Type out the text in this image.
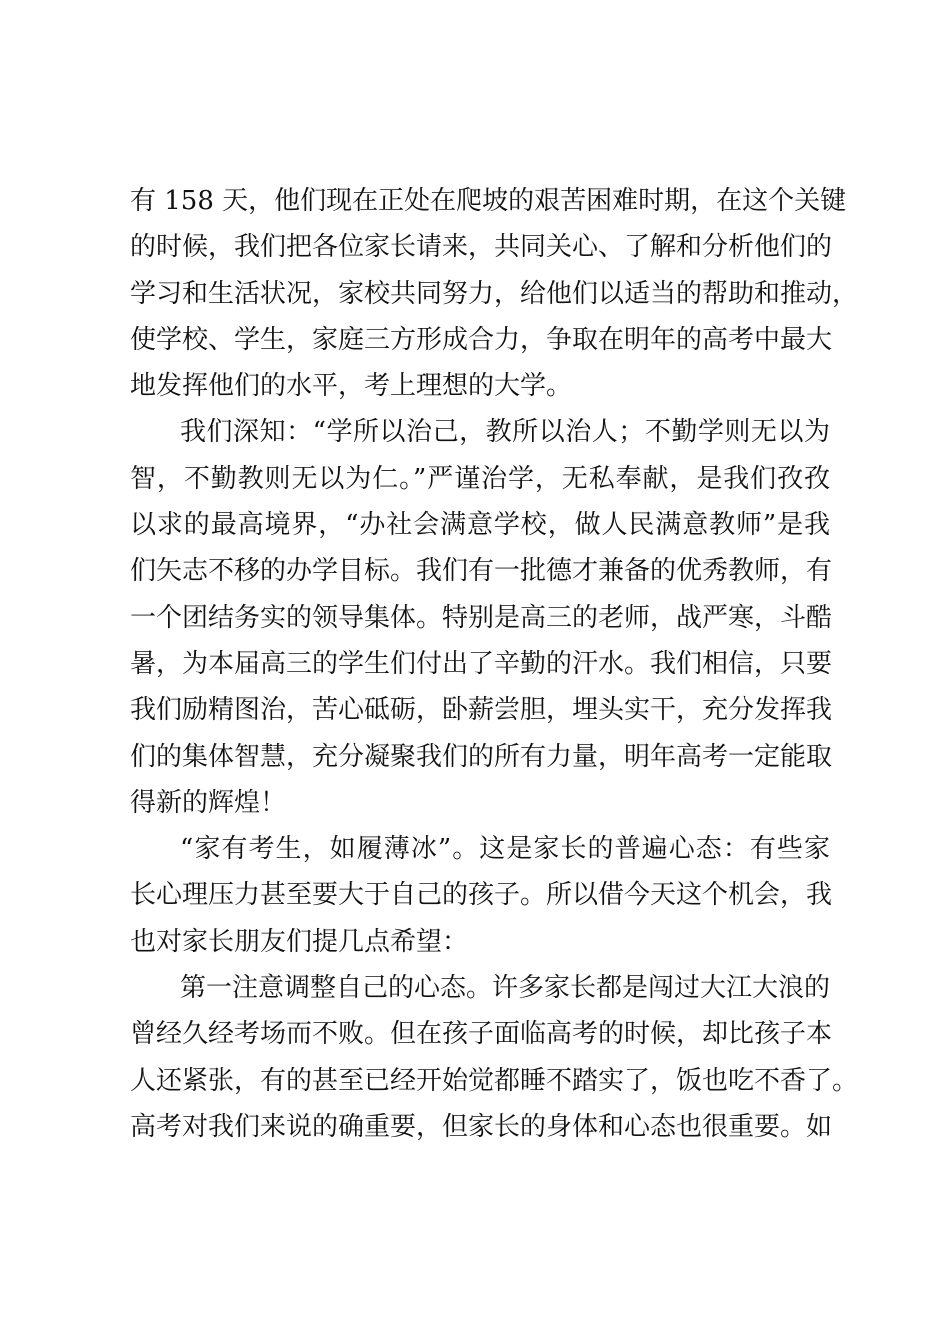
有 158 天，他们现在正处在爬坡的艰苦困难时期，在这个关键
的时候，我们把各位家长请来，共同关心、了解和分析他们的
学习和生活状况，家校共同努力，给他们以适当的帮助和推动，
使学校、学生，家庭三方形成合力，争取在明年的高考中最大
地发挥他们的水平，考上理想的大学。
我们深知：“学所以治己，教所以治人；不勤学则无以为
智，不勤教则无以为仁。”严谨治学，无私奉献，是我们孜孜
以求的最高境界，“办社会满意学校，做人民满意教师”是我
们矢志不移的办学目标。我们有一批德才兼备的优秀教师，有
一个团结务实的领导集体。特别是高三的老师，战严寒，斗酷
暑，为本届高三的学生们付出了辛勤的汗水。我们相信，只要
我们励精图治，苦心砥砺，卧薪尝胆，埋头实干，充分发挥我
们的集体智慧，充分凝聚我们的所有力量，明年高考一定能取
得新的辉煌！
“家有考生，如履薄冰”。这是家长的普遍心态：有些家
长心理压力甚至要大于自己的孩子。所以借今天这个机会，我
也对家长朋友们提几点希望：
第一注意调整自己的心态。许多家长都是闯过大江大浪的
曾经久经考场而不败。但在孩子面临高考的时候，却比孩子本
人还紧张，有的甚至已经开始觉都睡不踏实了，饭也吃不香了。
高考对我们来说的确重要，但家长的身体和心态也很重要。如
